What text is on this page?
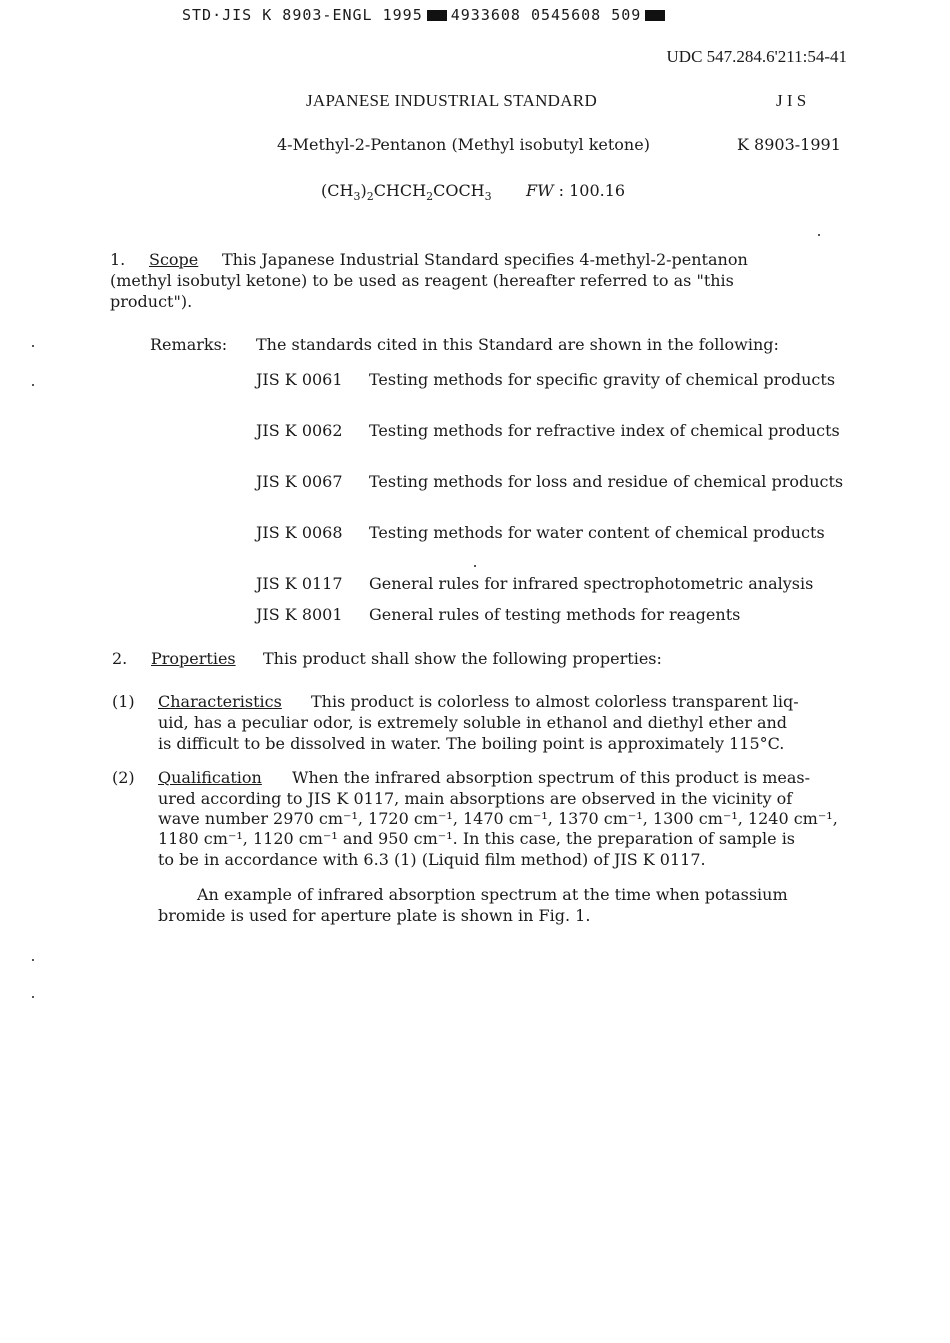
STD·JIS K 8903-ENGL 1995 4933608 0545608 509
UDC 547.284.6'211:54-41
JAPANESE INDUSTRIAL STANDARD	J I S
4-Methyl-2-Pentanon (Methyl isobutyl ketone)	K 8903-1991
$(CH_3)_2CHCH_2COCH_3$ FW : 100.16
1. Scope This Japanese Industrial Standard specifies 4-methyl-2-pentanon
(methyl isobutyl ketone) to be used as reagent (hereafter referred to as "this
product").
Remarks: The standards cited in this Standard are shown in the following:
JIS K 0061 Testing methods for specific gravity of chemical products
JIS K 0062 Testing methods for refractive index of chemical products
JIS K 0067 Testing methods for loss and residue of chemical products
JIS K 0068 Testing methods for water content of chemical products
JIS K 0117 General rules for infrared spectrophotometric analysis
JIS K 8001 General rules of testing methods for reagents
2. Properties This product shall show the following properties:
(1) Characteristics This product is colorless to almost colorless transparent liq-
uid, has a peculiar odor, is extremely soluble in ethanol and diethyl ether and
is difficult to be dissolved in water. The boiling point is approximately 115°C.
(2) Qualification When the infrared absorption spectrum of this product is meas-
ured according to JIS K 0117, main absorptions are observed in the vicinity of
wave number 2970 cm⁻¹, 1720 cm⁻¹, 1470 cm⁻¹, 1370 cm⁻¹, 1300 cm⁻¹, 1240 cm⁻¹,
1180 cm⁻¹, 1120 cm⁻¹ and 950 cm⁻¹. In this case, the preparation of sample is
to be in accordance with 6.3 (1) (Liquid film method) of JIS K 0117.
An example of infrared absorption spectrum at the time when potassium
bromide is used for aperture plate is shown in Fig. 1.
